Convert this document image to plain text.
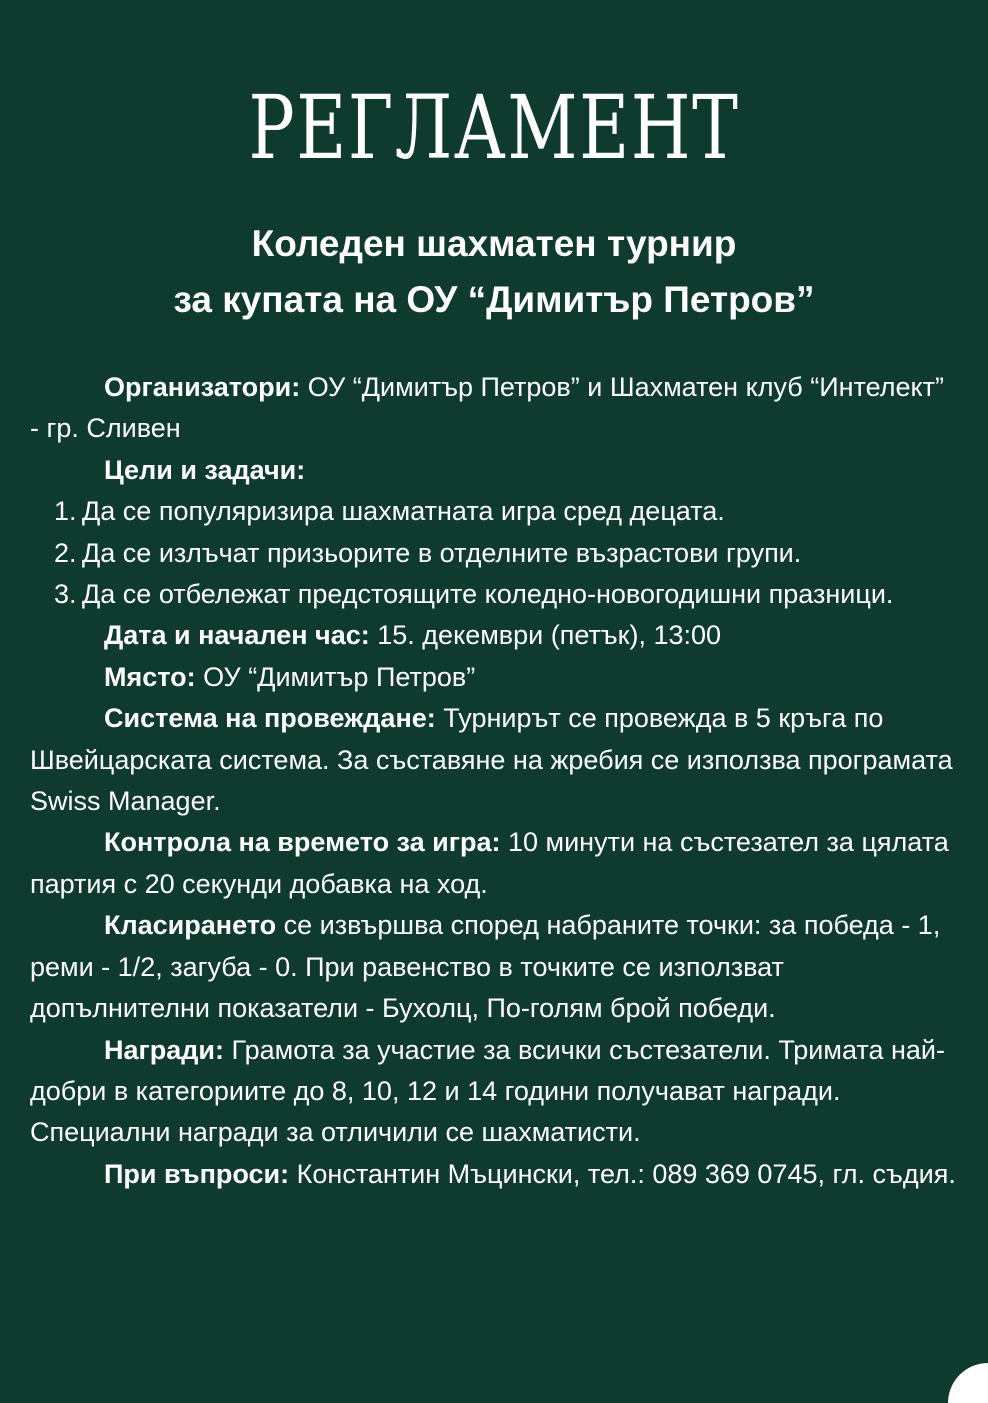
РЕГЛАМЕНТ
Коледен шахматен турнир
за купата на ОУ “Димитър Петров”

Организатори: ОУ “Димитър Петров” и Шахматен клуб “Интелект” - гр. Сливен

Цели и задачи:

1. Да се популяризира шахматната игра сред децата.
2. Да се излъчат призьорите в отделните възрастови групи.
3. Да се отбележат предстоящите коледно-новогодишни празници.

Дата и начален час: 15. декември (петък), 13:00

Място: ОУ “Димитър Петров”

Система на провеждане: Турнирът се провежда в 5 кръга по Швейцарската система. За съставяне на жребия се използва програмата Swiss Manager.

Контрола на времето за игра: 10 минути на състезател за цялата партия с 20 секунди добавка на ход.

Класирането се извършва според набраните точки: за победа - 1, реми - 1/2, загуба - 0. При равенство в точките се използват допълнителни показатели - Бухолц, По-голям брой победи.

Награди: Грамота за участие за всички състезатели. Тримата най-добри в категориите до 8, 10, 12 и 14 години получават награди. Специални награди за отличили се шахматисти.

При въпроси: Константин Мъцински, тел.: 089 369 0745, гл. съдия.
